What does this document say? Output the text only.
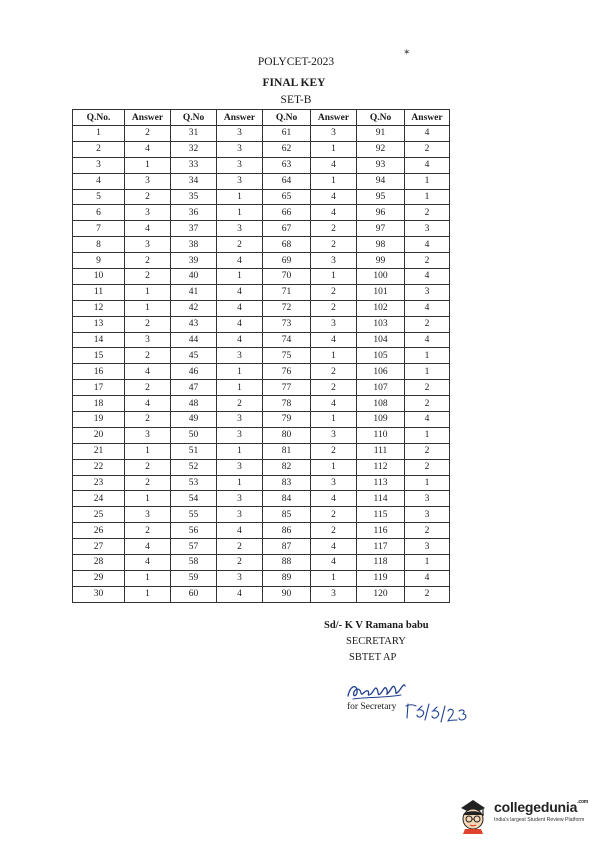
POLYCET-2023
✶
FINAL KEY
SET-B
Q.No.	Answer	Q.No	Answer	Q.No	Answer	Q.No	Answer
1	2	31	3	61	3	91	4
2	4	32	3	62	1	92	2
3	1	33	3	63	4	93	4
4	3	34	3	64	1	94	1
5	2	35	1	65	4	95	1
6	3	36	1	66	4	96	2
7	4	37	3	67	2	97	3
8	3	38	2	68	2	98	4
9	2	39	4	69	3	99	2
10	2	40	1	70	1	100	4
11	1	41	4	71	2	101	3
12	1	42	4	72	2	102	4
13	2	43	4	73	3	103	2
14	3	44	4	74	4	104	4
15	2	45	3	75	1	105	1
16	4	46	1	76	2	106	1
17	2	47	1	77	2	107	2
18	4	48	2	78	4	108	2
19	2	49	3	79	1	109	4
20	3	50	3	80	3	110	1
21	1	51	1	81	2	111	2
22	2	52	3	82	1	112	2
23	2	53	1	83	3	113	1
24	1	54	3	84	4	114	3
25	3	55	3	85	2	115	3
26	2	56	4	86	2	116	2
27	4	57	2	87	4	117	3
28	4	58	2	88	4	118	1
29	1	59	3	89	1	119	4
30	1	60	4	90	3	120	2
Sd/- K V Ramana babu
SECRETARY
SBTET AP
for Secretary
collegedunia$^{.com}$
India's largest Student Review Platform
